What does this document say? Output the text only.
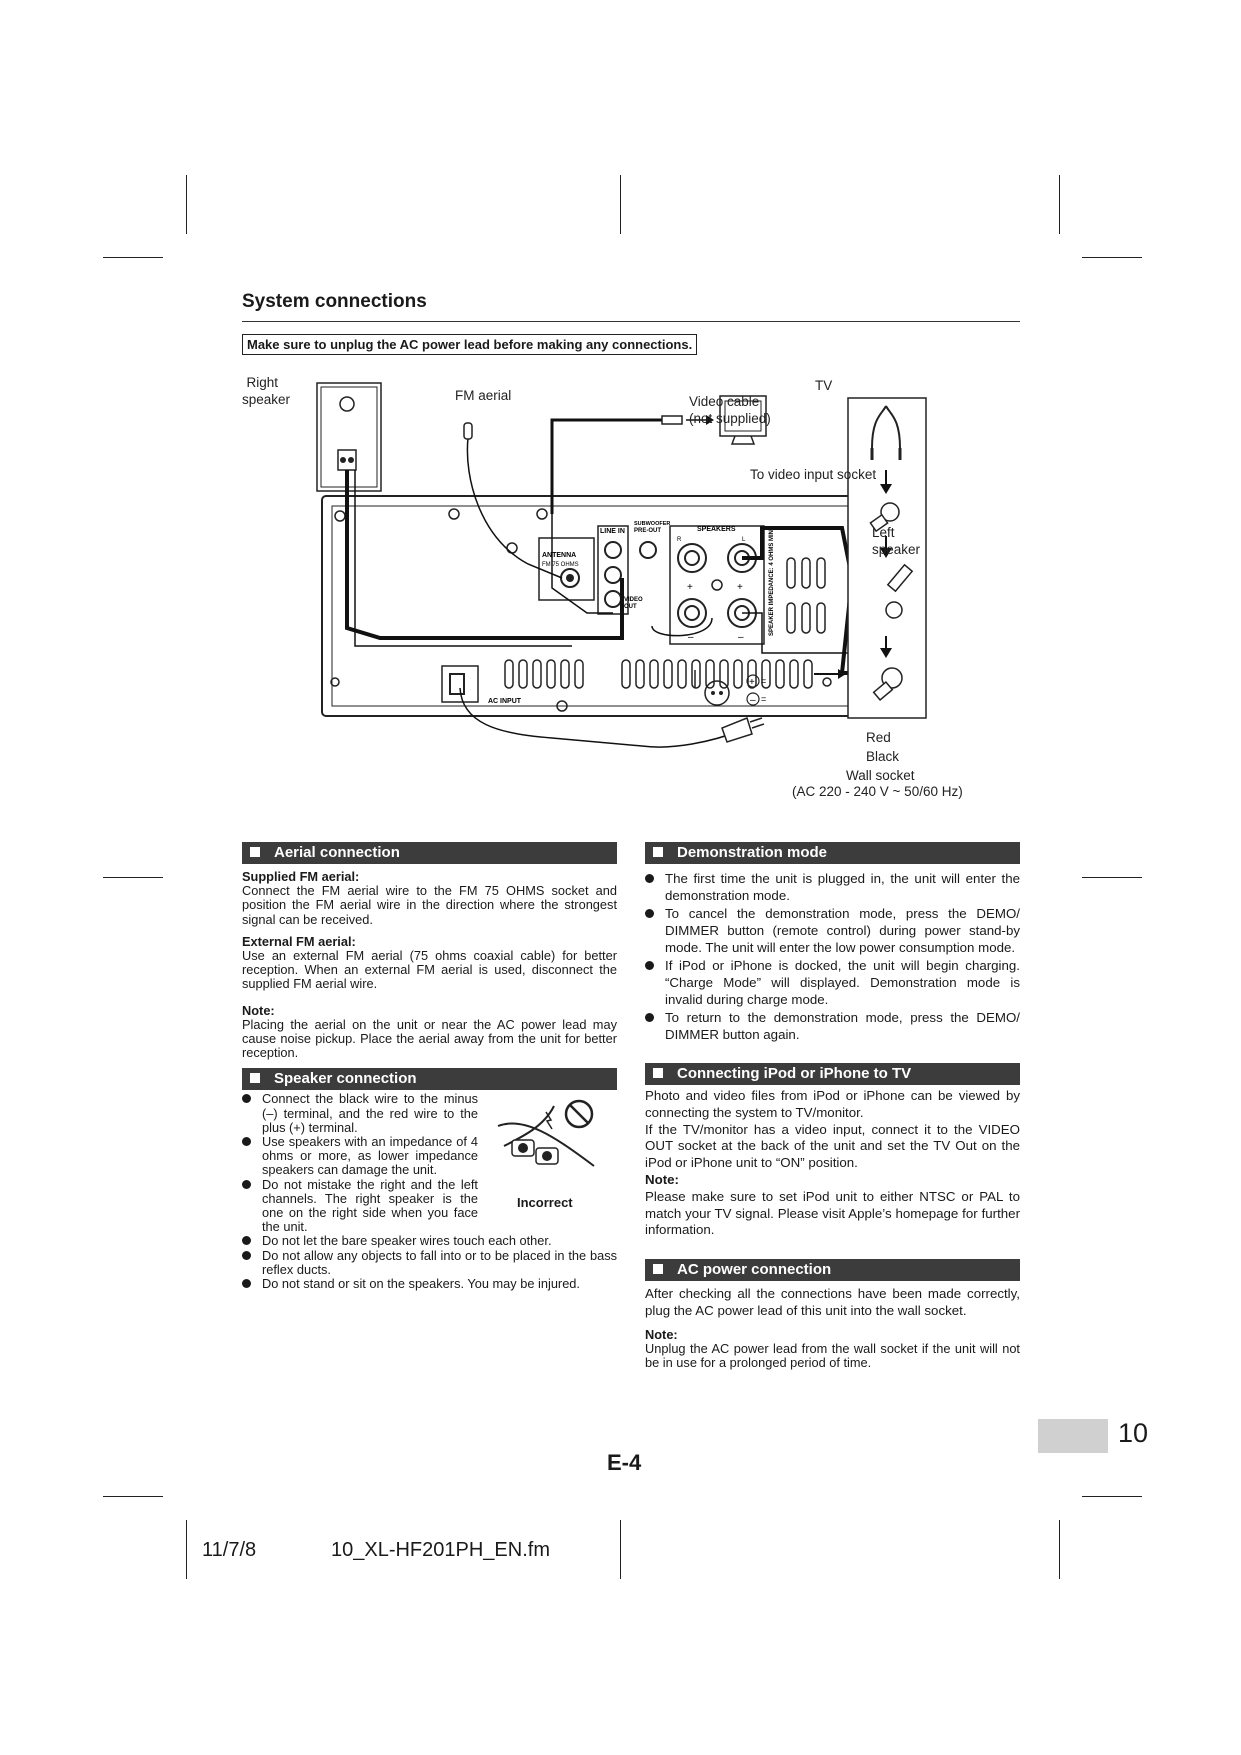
System connections
Make sure to unplug the AC power lead before making any connections.
ANTENNA
FM 75 OHMS
LINE IN
VIDEO
OUT
SUBWOOFER
PRE-OUT	SPEAKERS
R	L
+	+
–	–
SPEAKER IMPEDANCE: 4 OHMS MIN.
AC INPUT
+ =
– =
Right
speaker	FM aerial	Video cable
(not supplied)
TV
To video input socket
Left
speaker
Red
Black
Wall socket
(AC 220 - 240 V ~ 50/60 Hz)
Aerial connection
Supplied FM aerial:

Connect the FM aerial wire to the FM 75 OHMS socket and position the FM aerial wire in the direction where the strongest signal can be received.

External FM aerial:

Use an external FM aerial (75 ohms coaxial cable) for better reception. When an external FM aerial is used, disconnect the supplied FM aerial wire.

Note:

Placing the aerial on the unit or near the AC power lead may cause noise pickup. Place the aerial away from the unit for better reception.

Speaker connection
Connect the black wire to the minus (–) terminal, and the red wire to the plus (+) terminal.
Use speakers with an impedance of 4 ohms or more, as lower impedance speakers can damage the unit.
Do not mistake the right and the left channels. The right speaker is the one on the right side when you face the unit.
Do not let the bare speaker wires touch each other.
Do not allow any objects to fall into or to be placed in the bass reflex ducts.
Do not stand or sit on the speakers. You may be injured.
Incorrect
Demonstration mode
The first time the unit is plugged in, the unit will enter the demonstration mode.
To cancel the demonstration mode, press the DEMO/ DIMMER button (remote control) during power stand-by mode. The unit will enter the low power consumption mode.
If iPod or iPhone is docked, the unit will begin charging. “Charge Mode” will displayed. Demonstration mode is invalid during charge mode.
To return to the demonstration mode, press the DEMO/ DIMMER button again.
Connecting iPod or iPhone to TV

Photo and video files from iPod or iPhone can be viewed by connecting the system to TV/monitor.

If the TV/monitor has a video input, connect it to the VIDEO OUT socket at the back of the unit and set the TV Out on the iPod or iPhone unit to “ON” position.

Note:

Please make sure to set iPod unit to either NTSC or PAL to match your TV signal. Please visit Apple’s homepage for further information.

AC power connection

After checking all the connections have been made correctly, plug the AC power lead of this unit into the wall socket.

Note:

Unplug the AC power lead from the wall socket if the unit will not be in use for a prolonged period of time.

10
E-4
11/7/8	10_XL-HF201PH_EN.fm
